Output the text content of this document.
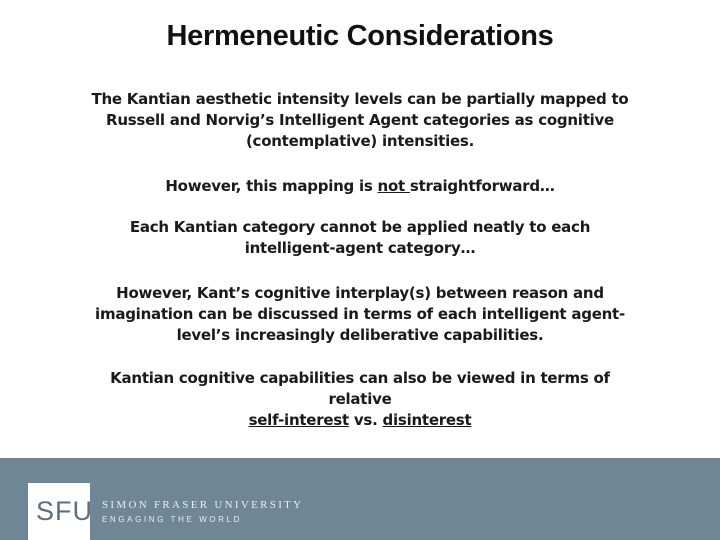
Hermeneutic Considerations
The Kantian aesthetic intensity levels can be partially mapped to Russell and Norvig’s Intelligent Agent categories as cognitive (contemplative) intensities.
However, this mapping is not straightforward…
Each Kantian category cannot be applied neatly to each intelligent-agent category…
However, Kant’s cognitive interplay(s) between reason and imagination can be discussed in terms of each intelligent agent-level’s increasingly deliberative capabilities.
Kantian cognitive capabilities can also be viewed in terms of relative
self-interest vs. disinterest
SFU SIMON FRASER UNIVERSITY
ENGAGING THE WORLD
